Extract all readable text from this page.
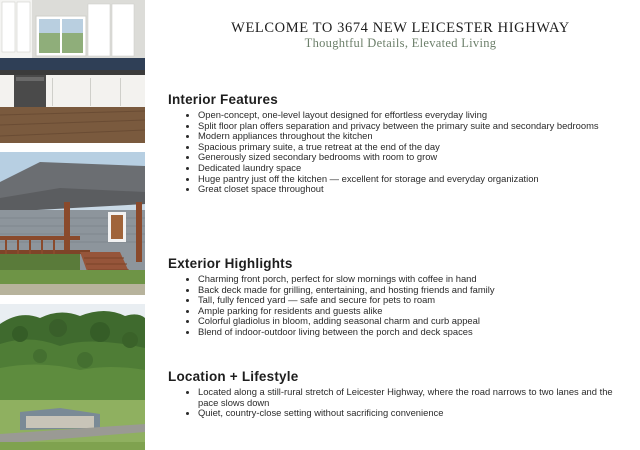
WELCOME TO 3674 NEW LEICESTER HIGHWAY
Thoughtful Details, Elevated Living
Interior Features
Open-concept, one-level layout designed for effortless everyday living
Split floor plan offers separation and privacy between the primary suite and secondary bedrooms
Modern appliances throughout the kitchen
Spacious primary suite, a true retreat at the end of the day
Generously sized secondary bedrooms with room to grow
Dedicated laundry space
Huge pantry just off the kitchen — excellent for storage and everyday organization
Great closet space throughout
Exterior Highlights
Charming front porch, perfect for slow mornings with coffee in hand
Back deck made for grilling, entertaining, and hosting friends and family
Tall, fully fenced yard — safe and secure for pets to roam
Ample parking for residents and guests alike
Colorful gladiolus in bloom, adding seasonal charm and curb appeal
Blend of indoor-outdoor living between the porch and deck spaces
Location + Lifestyle
Located along a still-rural stretch of Leicester Highway, where the road narrows to two lanes and the pace slows down
Quiet, country-close setting without sacrificing convenience
